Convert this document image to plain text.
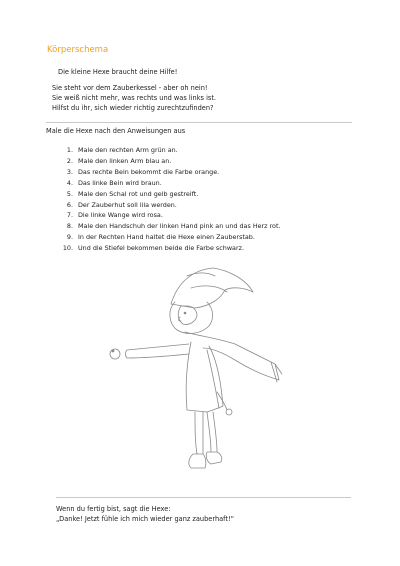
Körperschema
Die kleine Hexe braucht deine Hilfe!
Sie steht vor dem Zauberkessel - aber oh nein!
Sie weiß nicht mehr, was rechts und was links ist.
Hilfst du ihr, sich wieder richtig zurechtzufinden?
Male die Hexe nach den Anweisungen aus
1. Male den rechten Arm grün an.
2. Male den linken Arm blau an.
3. Das rechte Bein bekommt die Farbe orange.
4. Das linke Bein wird braun.
5. Male den Schal rot und gelb gestreift.
6. Der Zauberhut soll lila werden.
7. Die linke Wange wird rosa.
8. Male den Handschuh der linken Hand pink an und das Herz rot.
9. In der Rechten Hand haltet die Hexe einen Zauberstab.
10. Und die Stiefel bekommen beide die Farbe schwarz.
Wenn du fertig bist, sagt die Hexe:
„Danke! Jetzt fühle ich mich wieder ganz zauberhaft!“
